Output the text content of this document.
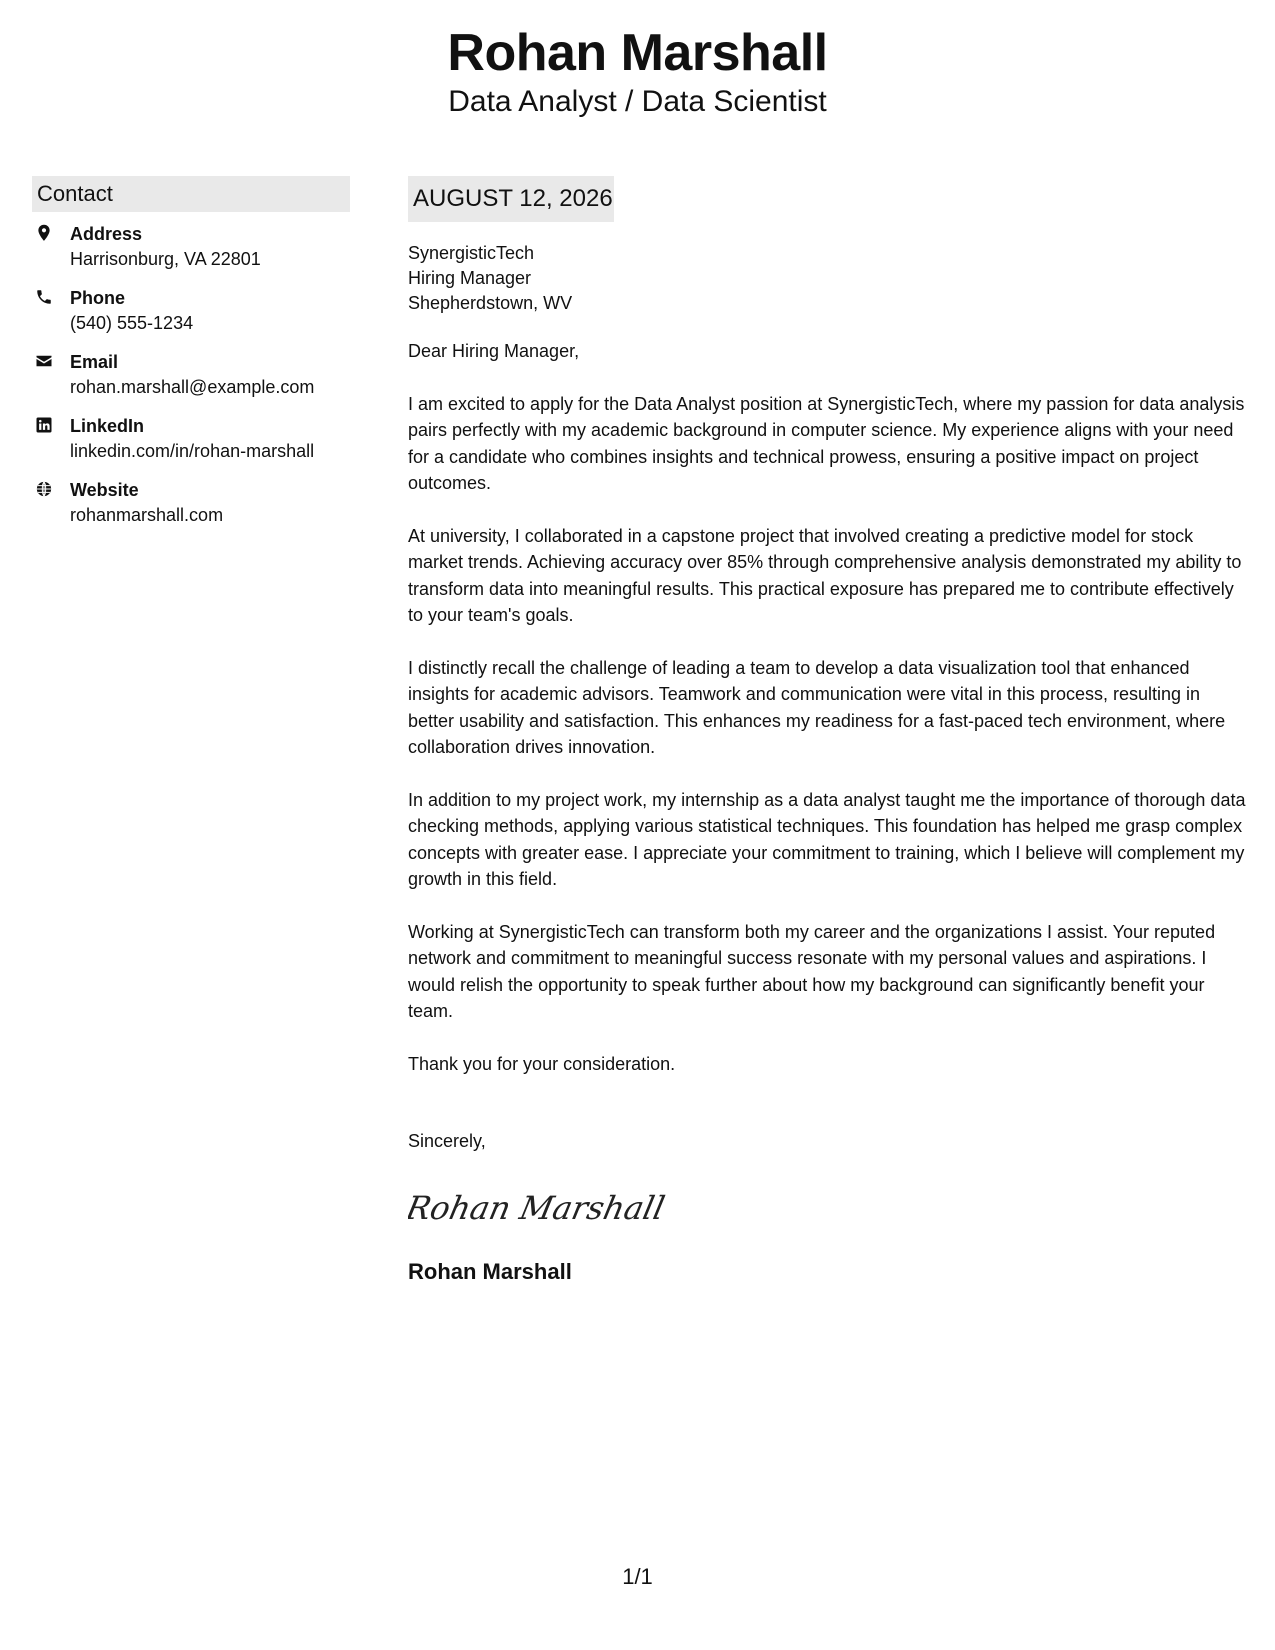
Rohan Marshall
Data Analyst / Data Scientist
Contact
Address
Harrisonburg, VA 22801
Phone
(540) 555-1234
Email
rohan.marshall@example.com
LinkedIn
linkedin.com/in/rohan-marshall
Website
rohanmarshall.com
AUGUST 12, 2026
SynergisticTech
Hiring Manager
Shepherdstown, WV
Dear Hiring Manager,
I am excited to apply for the Data Analyst position at SynergisticTech, where my passion for data analysis pairs perfectly with my academic background in computer science. My experience aligns with your need for a candidate who combines insights and technical prowess, ensuring a positive impact on project outcomes.
At university, I collaborated in a capstone project that involved creating a predictive model for stock market trends. Achieving accuracy over 85% through comprehensive analysis demonstrated my ability to transform data into meaningful results. This practical exposure has prepared me to contribute effectively to your team's goals.
I distinctly recall the challenge of leading a team to develop a data visualization tool that enhanced insights for academic advisors. Teamwork and communication were vital in this process, resulting in better usability and satisfaction. This enhances my readiness for a fast-paced tech environment, where collaboration drives innovation.
In addition to my project work, my internship as a data analyst taught me the importance of thorough data checking methods, applying various statistical techniques. This foundation has helped me grasp complex concepts with greater ease. I appreciate your commitment to training, which I believe will complement my growth in this field.
Working at SynergisticTech can transform both my career and the organizations I assist. Your reputed network and commitment to meaningful success resonate with my personal values and aspirations. I would relish the opportunity to speak further about how my background can significantly benefit your team.
Thank you for your consideration.
Sincerely,
Rohan Marshall
Rohan Marshall
1/1
